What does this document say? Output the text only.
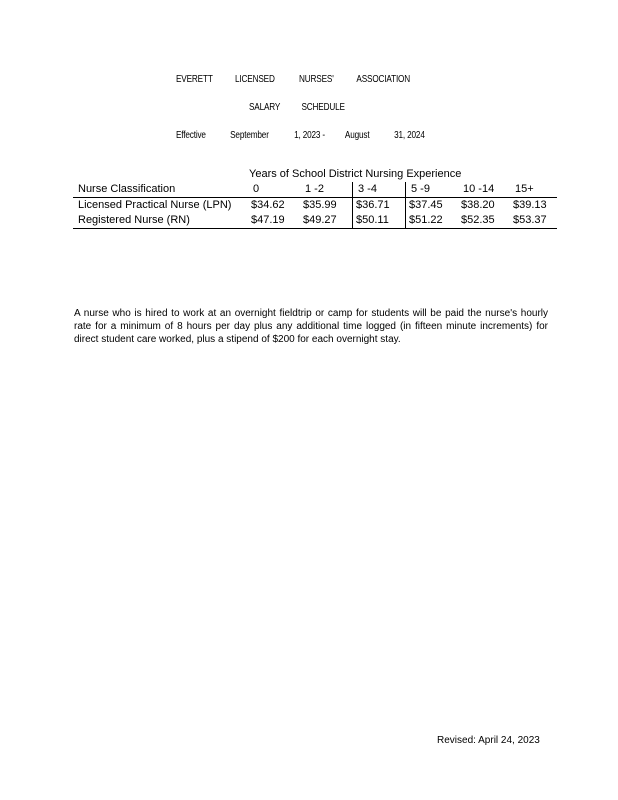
EVERETT LICENSED NURSES' ASSOCIATION
SALARY SCHEDULE
Effective September	1, 2023 - August 31, 2024
Years of School District Nursing Experience
Nurse Classification	0	1 -2	3 -4	5 -9	10 -14	15+
Licensed Practical Nurse (LPN)	$34.62	$35.99	$36.71	$37.45	$38.20	$39.13
Registered Nurse (RN)	$47.19	$49.27	$50.11	$51.22	$52.35	$53.37
A nurse who is hired to work at an overnight fieldtrip or camp for students will be paid the nurse's hourly rate for a minimum of 8 hours per day plus any additional time logged (in fifteen minute increments) for direct student care worked, plus a stipend of $200 for each overnight stay.
Revised: April 24, 2023
